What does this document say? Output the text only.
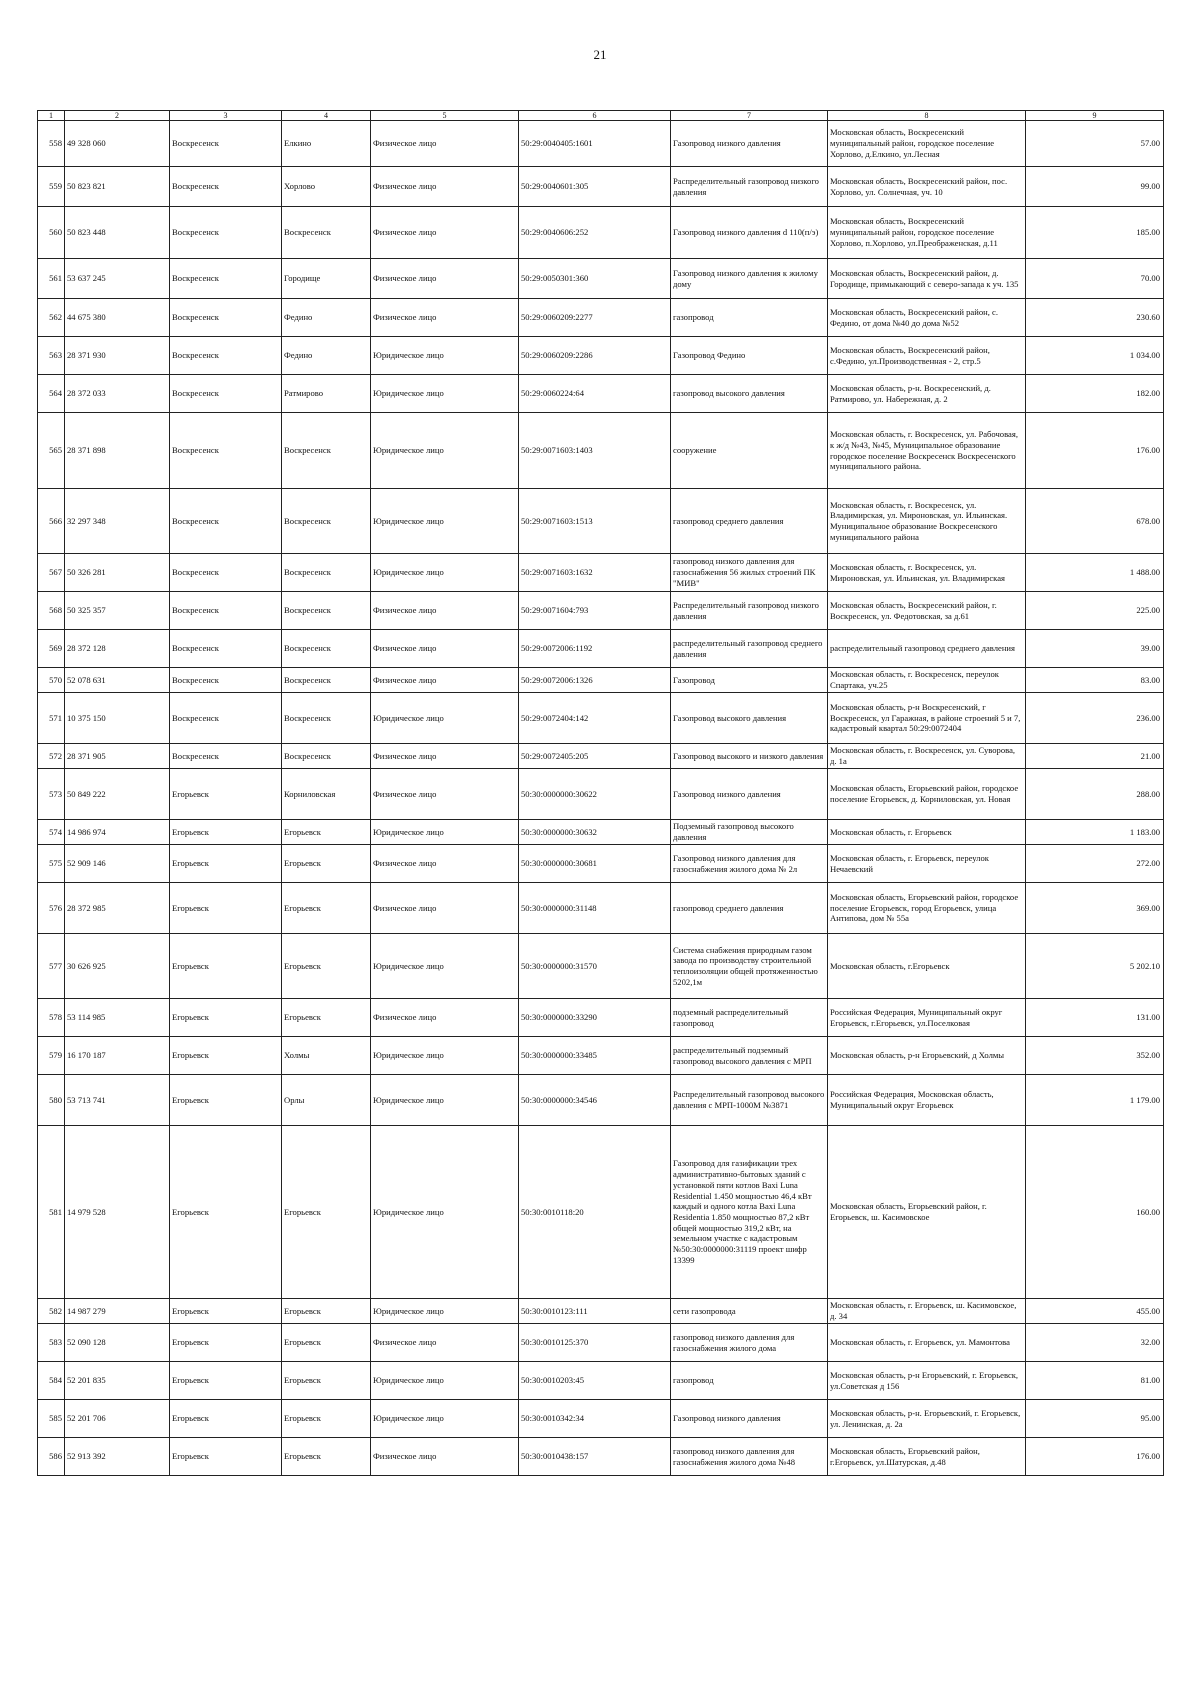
21
1	2	3	4	5	6	7	8	9
558	49 328 060	Воскресенск	Елкино	Физическое лицо	50:29:0040405:1601	Газопровод низкого давления	Московская область, Воскресенский муниципальный район, городское поселение Хорлово, д.Елкино, ул.Лесная	57.00
559	50 823 821	Воскресенск	Хорлово	Физическое лицо	50:29:0040601:305	Распределительный газопровод низкого давления	Московская область, Воскресенский район, пос. Хорлово, ул. Солнечная, уч. 10	99.00
560	50 823 448	Воскресенск	Воскресенск	Физическое лицо	50:29:0040606:252	Газопровод низкого давления d 110(п/э)	Московская область, Воскресенский муниципальный район, городское поселение Хорлово, п.Хорлово, ул.Преображенская, д.11	185.00
561	53 637 245	Воскресенск	Городище	Физическое лицо	50:29:0050301:360	Газопровод низкого давления к жилому дому	Московская область, Воскресенский район, д. Городище, примыкающий с северо-запада к уч. 135	70.00
562	44 675 380	Воскресенск	Федино	Физическое лицо	50:29:0060209:2277	газопровод	Московская область, Воскресенский район, с. Федино, от дома №40 до дома №52	230.60
563	28 371 930	Воскресенск	Федино	Юридическое лицо	50:29:0060209:2286	Газопровод Федино	Московская область, Воскресенский район, с.Федино, ул.Производственная - 2, стр.5	1 034.00
564	28 372 033	Воскресенск	Ратмирово	Юридическое лицо	50:29:0060224:64	газопровод высокого давления	Московская область, р-н. Воскресенский, д. Ратмирово, ул. Набережная, д. 2	182.00
565	28 371 898	Воскресенск	Воскресенск	Юридическое лицо	50:29:0071603:1403	сооружение	Московская область, г. Воскресенск, ул. Рабочовая, к ж/д №43, №45, Муниципальное образование городское поселение Воскресенск Воскресенского муниципального района.	176.00
566	32 297 348	Воскресенск	Воскресенск	Юридическое лицо	50:29:0071603:1513	газопровод среднего давления	Московская область, г. Воскресенск, ул. Владимирская, ул. Мироновская, ул. Ильинская. Муниципальное образование Воскресенского муниципального района	678.00
567	50 326 281	Воскресенск	Воскресенск	Юридическое лицо	50:29:0071603:1632	газопровод низкого давления для газоснабжения 56 жилых строений ПК "МИВ"	Московская область, г. Воскресенск, ул. Мироновская, ул. Ильинская, ул. Владимирская	1 488.00
568	50 325 357	Воскресенск	Воскресенск	Физическое лицо	50:29:0071604:793	Распределительный газопровод низкого давления	Московская область, Воскресенский район, г. Воскресенск, ул. Федотовская, за д.61	225.00
569	28 372 128	Воскресенск	Воскресенск	Физическое лицо	50:29:0072006:1192	распределительный газопровод среднего давления	распределительный газопровод среднего давления	39.00
570	52 078 631	Воскресенск	Воскресенск	Физическое лицо	50:29:0072006:1326	Газопровод	Московская область, г. Воскресенск, переулок Спартака, уч.25	83.00
571	10 375 150	Воскресенск	Воскресенск	Юридическое лицо	50:29:0072404:142	Газопровод высокого давления	Московская область, р-н Воскресенский, г Воскресенск, ул Гаражная, в районе строений 5 и 7, кадастровый квартал 50:29:0072404	236.00
572	28 371 905	Воскресенск	Воскресенск	Физическое лицо	50:29:0072405:205	Газопровод высокого и низкого давления	Московская область, г. Воскресенск, ул. Суворова, д. 1а	21.00
573	50 849 222	Егорьевск	Корниловская	Физическое лицо	50:30:0000000:30622	Газопровод низкого давления	Московская область, Егорьевский район, городское поселение Егорьевск, д. Корниловская, ул. Новая	288.00
574	14 986 974	Егорьевск	Егорьевск	Юридическое лицо	50:30:0000000:30632	Подземный газопровод высокого давления	Московская область, г. Егорьевск	1 183.00
575	52 909 146	Егорьевск	Егорьевск	Физическое лицо	50:30:0000000:30681	Газопровод низкого давления для газоснабжения жилого дома № 2л	Московская область, г. Егорьевск, переулок Нечаевский	272.00
576	28 372 985	Егорьевск	Егорьевск	Физическое лицо	50:30:0000000:31148	газопровод среднего давления	Московская область, Егорьевский район, городское поселение Егорьевск, город Егорьевск, улица Антипова, дом № 55а	369.00
577	30 626 925	Егорьевск	Егорьевск	Юридическое лицо	50:30:0000000:31570	Система снабжения природным газом завода по производству строительной теплоизоляции общей протяженностью 5202,1м	Московская область, г.Егорьевск	5 202.10
578	53 114 985	Егорьевск	Егорьевск	Физическое лицо	50:30:0000000:33290	подземный распределительный газопровод	Российская Федерация, Муниципальный округ Егорьевск, г.Егорьевск, ул.Поселковая	131.00
579	16 170 187	Егорьевск	Холмы	Юридическое лицо	50:30:0000000:33485	распределительный подземный газопровод высокого давления с МРП	Московская область, р-н Егорьевский, д Холмы	352.00
580	53 713 741	Егорьевск	Орлы	Юридическое лицо	50:30:0000000:34546	Распределительный газопровод высокого давления с МРП-1000М №3871	Российская Федерация, Московская область, Муниципальный округ Егорьевск	1 179.00
581	14 979 528	Егорьевск	Егорьевск	Юридическое лицо	50:30:0010118:20	Газопровод для газификации трех административно-бытовых зданий с установкой пяти котлов Baxi Luna Residential 1.450 мощностью 46,4 кВт каждый и одного котла Baxi Luna Residentia 1.850 мощностью 87,2 кВт общей мощностью 319,2 кВт, на земельном участке с кадастровым №50:30:0000000:31119 проект шифр 13399	Московская область, Егорьевский район, г. Егорьевск, ш. Касимовское	160.00
582	14 987 279	Егорьевск	Егорьевск	Юридическое лицо	50:30:0010123:111	сети газопровода	Московская область, г. Егорьевск, ш. Касимовское, д. 34	455.00
583	52 090 128	Егорьевск	Егорьевск	Физическое лицо	50:30:0010125:370	газопровод низкого давления для газоснабжения жилого дома	Московская область, г. Егорьевск, ул. Мамонтова	32.00
584	52 201 835	Егорьевск	Егорьевск	Юридическое лицо	50:30:0010203:45	газопровод	Московская область, р-н Егорьевский, г. Егорьевск, ул.Советская д 156	81.00
585	52 201 706	Егорьевск	Егорьевск	Юридическое лицо	50:30:0010342:34	Газопровод низкого давления	Московская область, р-н. Егорьевский, г. Егорьевск, ул. Ленинская, д. 2а	95.00
586	52 913 392	Егорьевск	Егорьевск	Физическое лицо	50:30:0010438:157	газопровод низкого давления для газоснабжения жилого дома №48	Московская область, Егорьевский район, г.Егорьевск, ул.Шатурская, д.48	176.00
